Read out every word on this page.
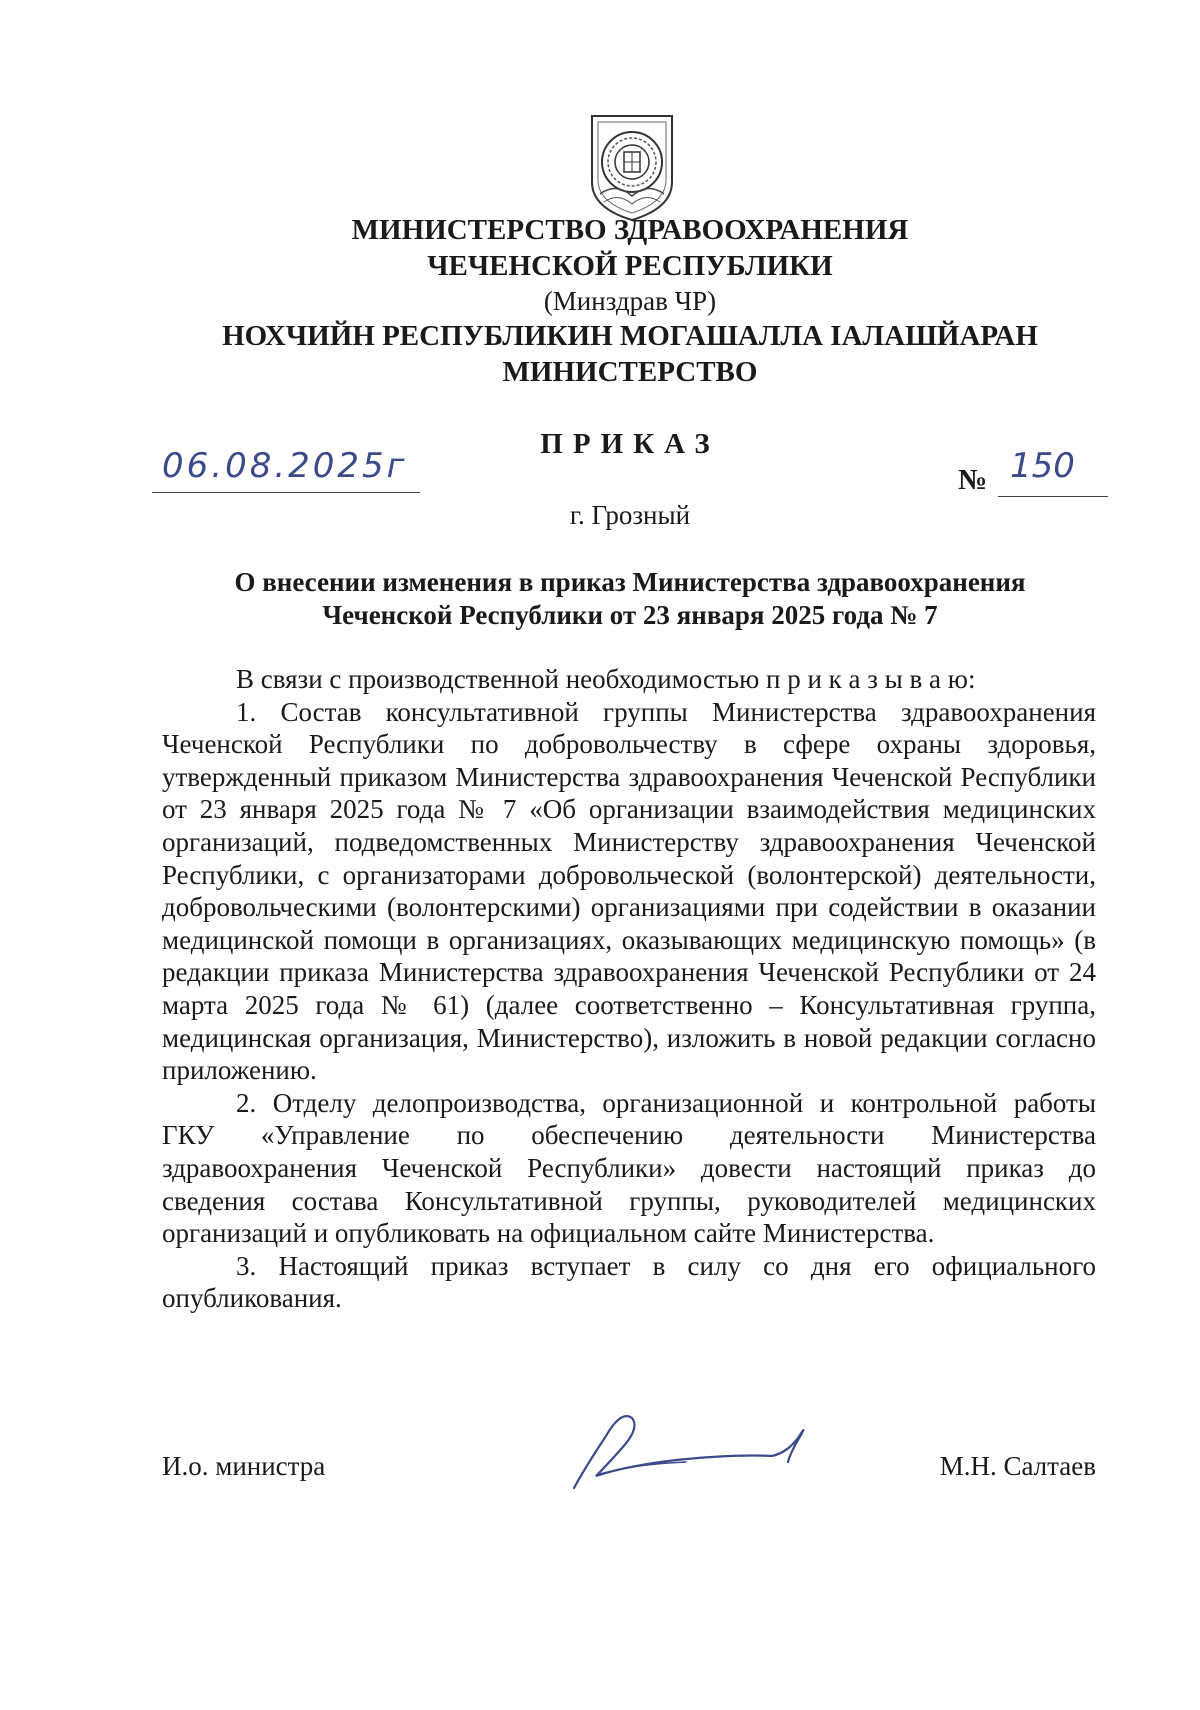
МИНИСТЕРСТВО ЗДРАВООХРАНЕНИЯ
ЧЕЧЕНСКОЙ РЕСПУБЛИКИ
(Минздрав ЧР)
НОХЧИЙН РЕСПУБЛИКИН МОГАШАЛЛА IАЛАШЙАРАН
МИНИСТЕРСТВО
ПРИКАЗ
06.08.2025г	№ 150
г. Грозный
О внесении изменения в приказ Министерства здравоохранения
Чеченской Республики от 23 января 2025 года № 7

В связи с производственной необходимостью п р и к а з ы в а ю:

1. Состав консультативной группы Министерства здравоохранения Чеченской Республики по добровольчеству в сфере охраны здоровья, утвержденный приказом Министерства здравоохранения Чеченской Республики от 23 января 2025 года № 7 «Об организации взаимодействия медицинских организаций, подведомственных Министерству здравоохранения Чеченской Республики, с организаторами добровольческой (волонтерской) деятельности, добровольческими (волонтерскими) организациями при содействии в оказании медицинской помощи в организациях, оказывающих медицинскую помощь» (в редакции приказа Министерства здравоохранения Чеченской Республики от 24 марта 2025 года № 61) (далее соответственно – Консультативная группа, медицинская организация, Министерство), изложить в новой редакции согласно приложению.

2. Отделу делопроизводства, организационной и контрольной работы ГКУ «Управление по обеспечению деятельности Министерства здравоохранения Чеченской Республики» довести настоящий приказ до сведения состава Консультативной группы, руководителей медицинских организаций и опубликовать на официальном сайте Министерства.

3. Настоящий приказ вступает в силу со дня его официального опубликования.

И.о. министра	М.Н. Салтаев
